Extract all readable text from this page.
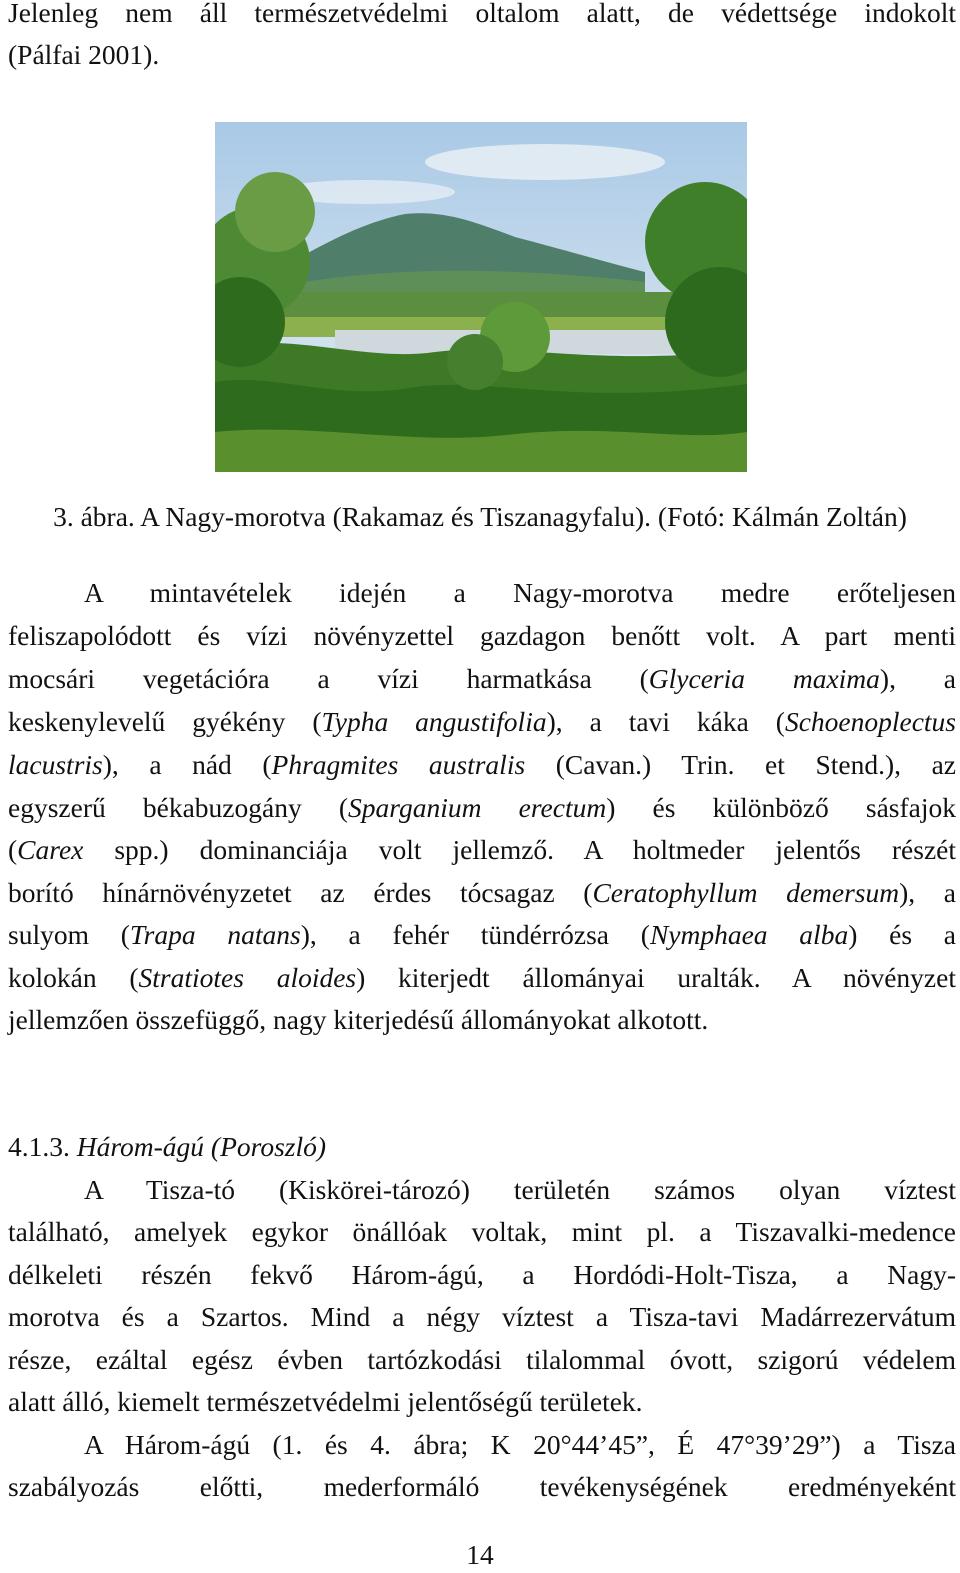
Jelenleg nem áll természetvédelmi oltalom alatt, de védettsége indokolt
(Pálfai 2001).
3. ábra. A Nagy-morotva (Rakamaz és Tiszanagyfalu). (Fotó: Kálmán Zoltán)
A mintavételek idején a Nagy-morotva medre erőteljesen
feliszapolódott és vízi növényzettel gazdagon benőtt volt. A part menti
mocsári vegetációra a vízi harmatkása (Glyceria maxima), a
keskenylevelű gyékény (Typha angustifolia), a tavi káka (Schoenoplectus
lacustris), a nád (Phragmites australis (Cavan.) Trin. et Stend.), az
egyszerű békabuzogány (Sparganium erectum) és különböző sásfajok
(Carex spp.) dominanciája volt jellemző. A holtmeder jelentős részét
borító hínárnövényzetet az érdes tócsagaz (Ceratophyllum demersum), a
sulyom (Trapa natans), a fehér tündérrózsa (Nymphaea alba) és a
kolokán (Stratiotes aloides) kiterjedt állományai uralták. A növényzet
jellemzően összefüggő, nagy kiterjedésű állományokat alkotott.
4.1.3. Három-ágú (Poroszló)
A Tisza-tó (Kiskörei-tározó) területén számos olyan víztest
található, amelyek egykor önállóak voltak, mint pl. a Tiszavalki-medence
délkeleti részén fekvő Három-ágú, a Hordódi-Holt-Tisza, a Nagy-
morotva és a Szartos. Mind a négy víztest a Tisza-tavi Madárrezervátum
része, ezáltal egész évben tartózkodási tilalommal óvott, szigorú védelem
alatt álló, kiemelt természetvédelmi jelentőségű területek.
A Három-ágú (1. és 4. ábra; K 20°44’45”, É 47°39’29”) a Tisza
szabályozás előtti, mederformáló tevékenységének eredményeként
14
